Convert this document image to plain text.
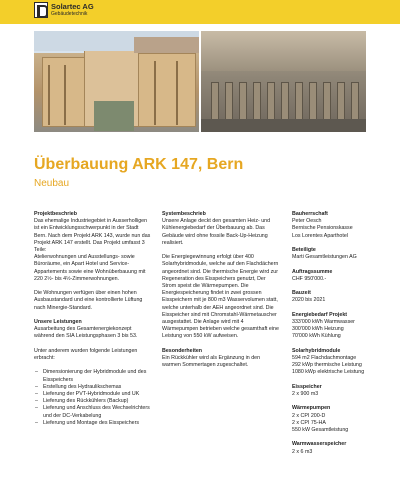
Solartec AG
Gebäudetechnik
Überbauung ARK 147, Bern
Neubau
Projektbeschrieb
Das ehemalige Industriegebiet in Ausserholligen ist ein Entwicklungsschwerpunkt in der Stadt Bern. Nach dem Projekt ARK 143, wurde nun das Projekt ARK 147 erstellt. Das Projekt umfasst 3 Teile:
Atelierwohnungen und Ausstellungs- sowie Büroräume, ein Apart Hotel und Service-Appartements sowie eine Wohnüberbauung mit 220 2½- bis 4½-Zimmerwohnungen.
Die Wohnungen verfügen über einen hohen Ausbaustandard und eine kontrollierte Lüftung nach Minergie-Standard.
Unsere Leistungen
Ausarbeitung des Gesamtenergiekonzept während den SIA Leistungsphasen 3 bis 53.
Unter anderem wurden folgende Leistungen erbracht:
– Dimensionierung der Hybridmodule und des Eisspeichers
– Erstellung des Hydraulikschemas
– Lieferung der PVT-Hybridmodule und UK
– Lieferung des Rückkühlers (Backup)
– Lieferung und Anschluss des Wechselrichters und der DC-Verkabelung
– Lieferung und Montage des Eisspeichers
Systembeschrieb
Unsere Anlage deckt den gesamten Heiz- und Kühlenergiebedarf der Überbauung ab. Das Gebäude wird ohne fossile Back-Up-Heizung realisiert.
Die Energiegewinnung erfolgt über 400 Solarhybridmodule, welche auf den Flachdächern angeordnet sind. Die thermische Energie wird zur Regeneration des Eisspeichers genutzt, Der Strom speist die Wärmepumpen. Die Energiespeicherung findet in zwei grossen Eisspeichern mit je 800 m3 Wasservolumen statt, welche unterhalb der AEH angeordnet sind. Die Eisspeicher sind mit Chromstahl-Wärmetauscher ausgestattet. Die Anlage wird mit 4 Wärmepumpen betrieben welche gesamthaft eine Leistung von 550 kW aufweisen.
Besonderheiten
Ein Rückkühler wird als Ergänzung in den warmen Sommertagen zugeschaltet.
Bauherrschaft
Peter Oesch
Bernische Pensionskasse
Los Lorentes Aparthotel
Beteiligte
Marti Gesamtleistungen AG
Auftragssumme
CHF 950'000.-
Bauzeit
2020 bis 2021
Energiebedarf Projekt
333'000 kWh Warmwasser
300'000 kWh Heizung
70'000 kWh Kühlung
Solarhybridmodule
594 m2 Flachdachmontage
292 kWp thermische Leistung
1080 kWp elektrische Leistung
Eisspeicher
2 x 900 m3
Wärmepumpen
2 x CPI 200-D
2 x CPI 75-HA
550 kW Gesamtleistung
Warmwasserspeicher
2 x 6 m3
